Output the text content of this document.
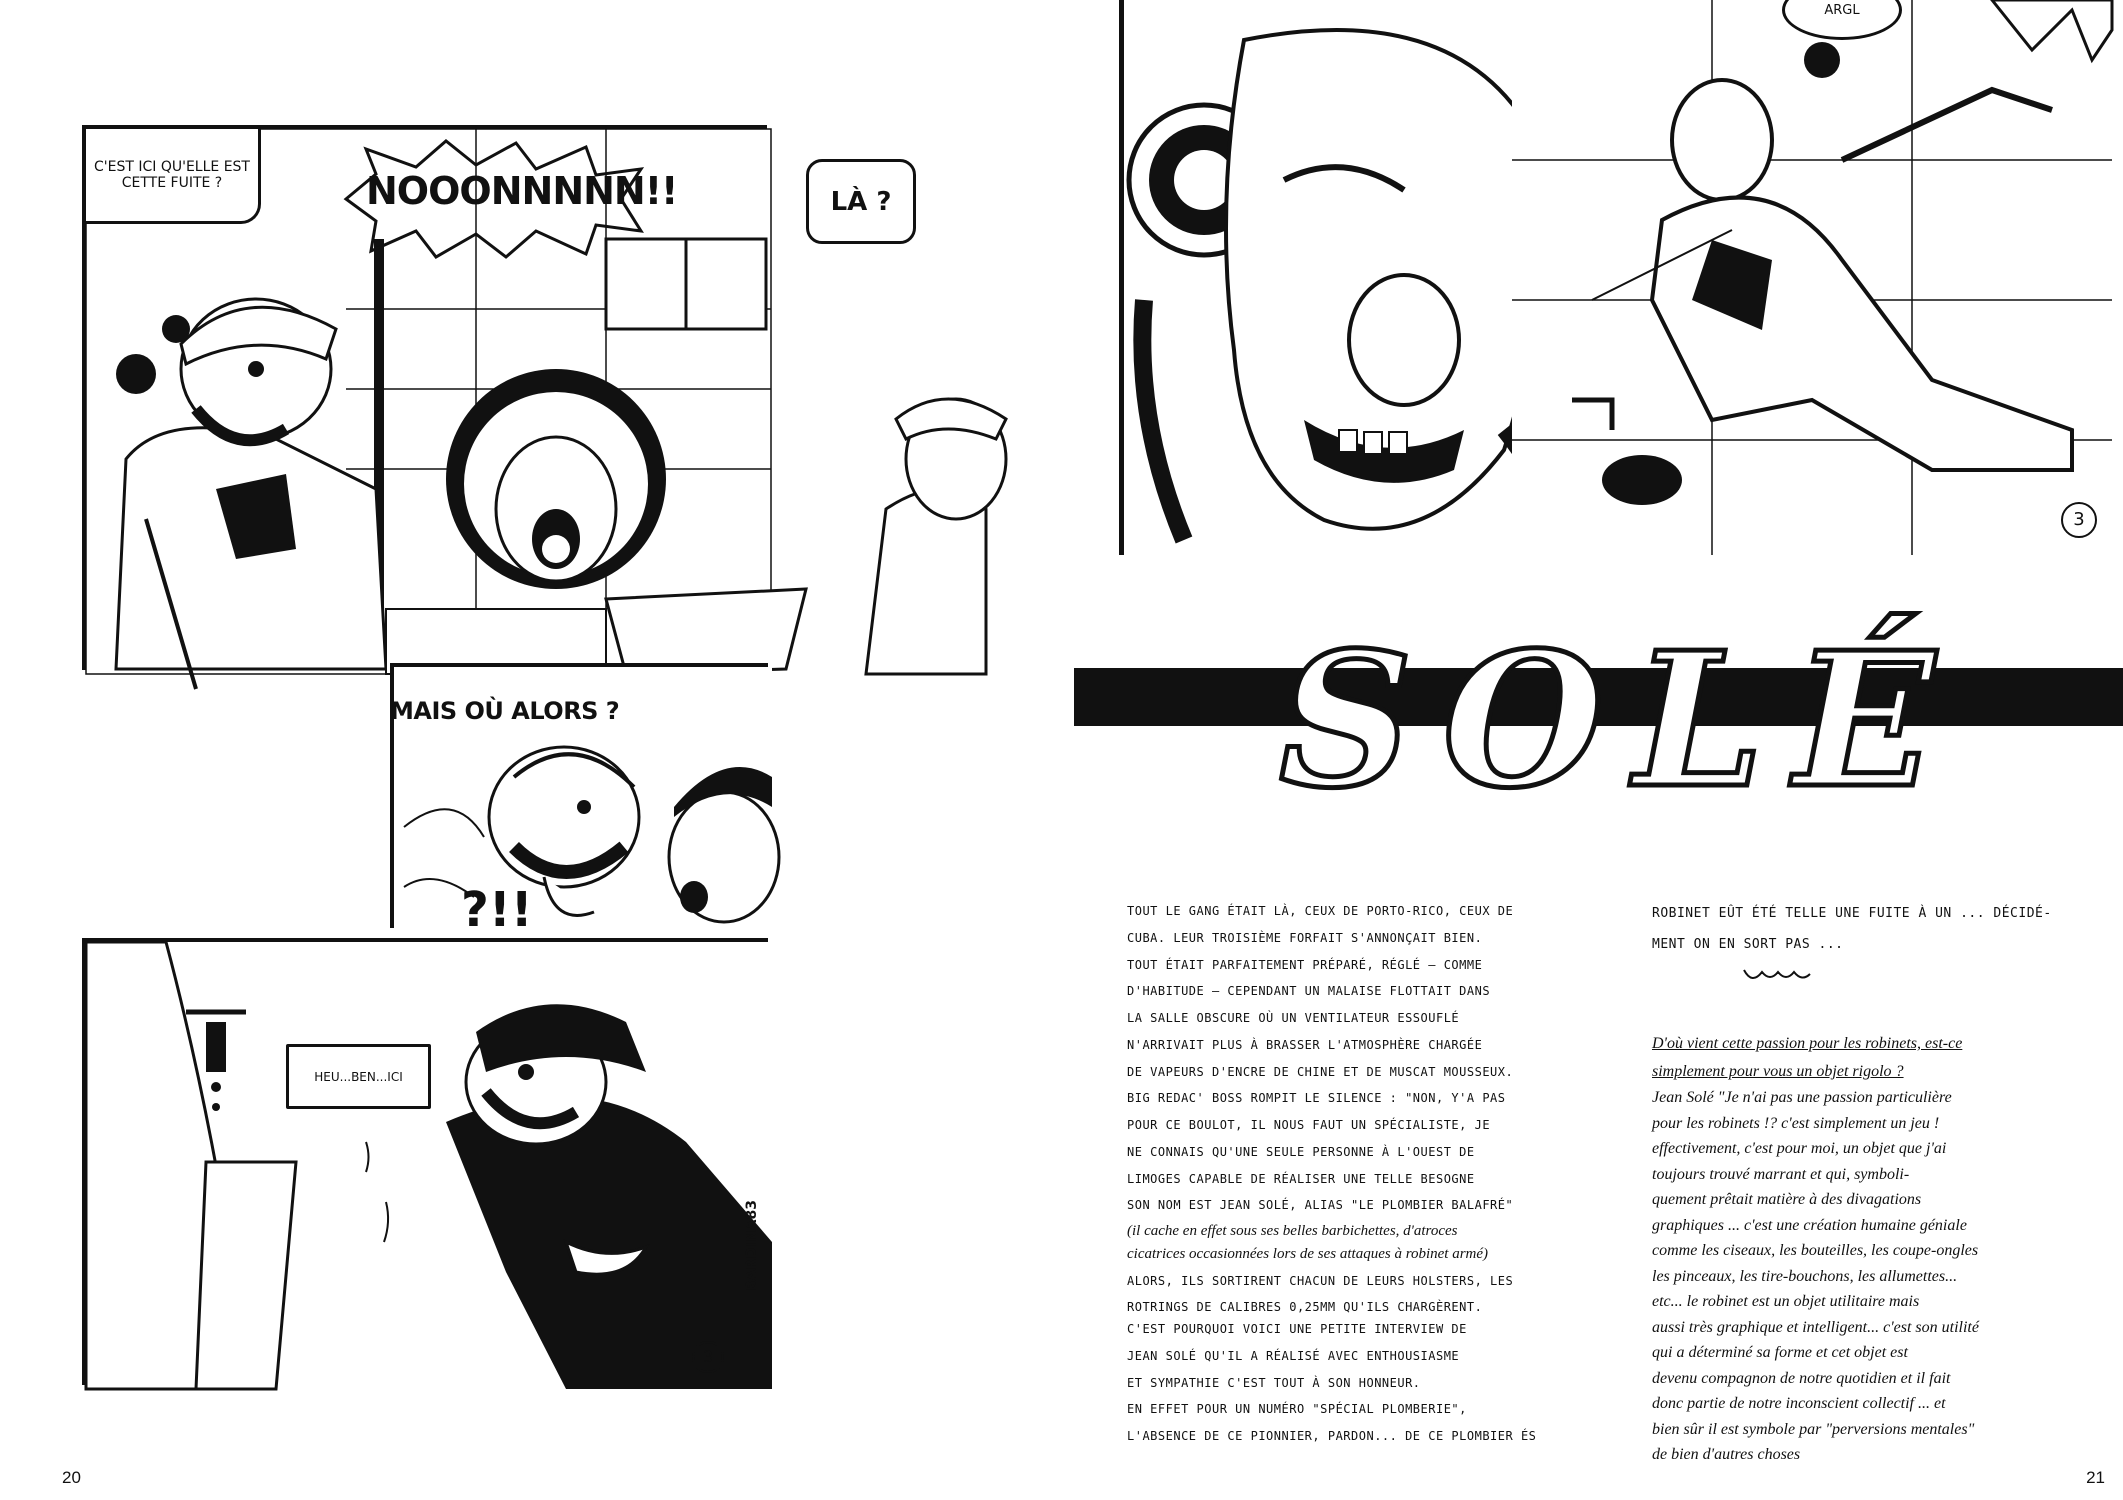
C'EST ICI QU'ELLE EST CETTE FUITE ?	NOOONNNNN!!	LÀ ?
MAIS OÙ ALORS ?
?!!
HEU...BEN...ICI
BARDINA83
3
20
ARGL
3
SOLÉ
TOUT LE GANG ÉTAIT LÀ, CEUX DE PORTO-RICO, CEUX DE
CUBA. LEUR TROISIÈME FORFAIT S'ANNONÇAIT BIEN.
TOUT ÉTAIT PARFAITEMENT PRÉPARÉ, RÉGLÉ — COMME
D'HABITUDE — CEPENDANT UN MALAISE FLOTTAIT DANS
LA SALLE OBSCURE OÙ UN VENTILATEUR ESSOUFLÉ
N'ARRIVAIT PLUS À BRASSER L'ATMOSPHÈRE CHARGÉE
DE VAPEURS D'ENCRE DE CHINE ET DE MUSCAT MOUSSEUX.
BIG REDAC' BOSS ROMPIT LE SILENCE : "NON, Y'A PAS
POUR CE BOULOT, IL NOUS FAUT UN SPÉCIALISTE, JE
NE CONNAIS QU'UNE SEULE PERSONNE À L'OUEST DE
LIMOGES CAPABLE DE RÉALISER UNE TELLE BESOGNE
SON NOM EST JEAN SOLÉ, ALIAS "LE PLOMBIER BALAFRÉ"
(il cache en effet sous ses belles barbichettes, d'atroces
cicatrices occasionnées lors de ses attaques à robinet armé)
ALORS, ILS SORTIRENT CHACUN DE LEURS HOLSTERS, LES
ROTRINGS DE CALIBRES 0,25MM QU'ILS CHARGÈRENT.
C'EST POURQUOI VOICI UNE PETITE INTERVIEW DE
JEAN SOLÉ QU'IL A RÉALISÉ AVEC ENTHOUSIASME
ET SYMPATHIE C'EST TOUT À SON HONNEUR.
EN EFFET POUR UN NUMÉRO "SPÉCIAL PLOMBERIE",
L'ABSENCE DE CE PIONNIER, PARDON... DE CE PLOMBIER ÉS
ROBINET EÛT ÉTÉ TELLE UNE FUITE À UN ... DÉCIDÉ-
MENT ON EN SORT PAS ...
D'où vient cette passion pour les robinets, est-ce
simplement pour vous un objet rigolo ?
Jean Solé "Je n'ai pas une passion particulière
pour les robinets !? c'est simplement un jeu !
effectivement, c'est pour moi, un objet que j'ai
toujours trouvé marrant et qui, symboli-
quement prêtait matière à des divagations
graphiques ... c'est une création humaine géniale
comme les ciseaux, les bouteilles, les coupe-ongles
les pinceaux, les tire-bouchons, les allumettes...
etc... le robinet est un objet utilitaire mais
aussi très graphique et intelligent... c'est son utilité
qui a déterminé sa forme et cet objet est
devenu compagnon de notre quotidien et il fait
donc partie de notre inconscient collectif ... et
bien sûr il est symbole par "perversions mentales"
de bien d'autres choses
21
